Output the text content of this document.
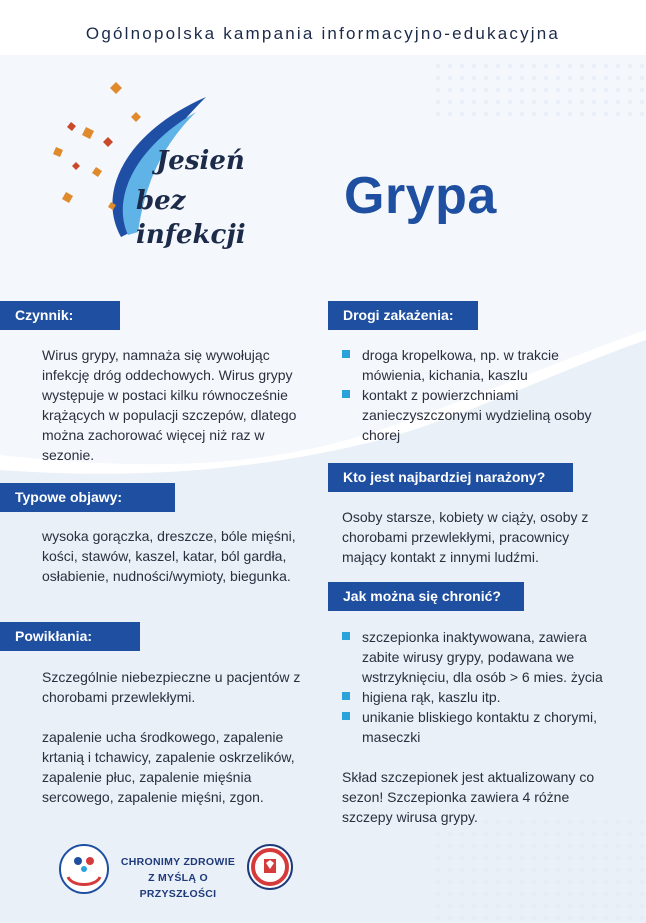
Ogólnopolska kampania informacyjno-edukacyjna
Jesień
bez infekcji
Grypa
Czynnik:
Wirus grypy, namnaża się wywołując infekcję dróg oddechowych. Wirus grypy występuje w postaci kilku równocześnie krążących w populacji szczepów, dlatego można zachorować więcej niż raz w sezonie.
Typowe objawy:
wysoka gorączka, dreszcze, bóle mięśni, kości, stawów, kaszel, katar, ból gardła, osłabienie, nudności/wymioty, biegunka.
Powikłania:
Szczególnie niebezpieczne u pacjentów z chorobami przewlekłymi.
zapalenie ucha środkowego, zapalenie krtanią i tchawicy, zapalenie oskrzelików, zapalenie płuc, zapalenie mięśnia sercowego, zapalenie mięśni, zgon.
Drogi zakażenia:
droga kropelkowa, np. w trakcie mówienia, kichania, kaszlu
kontakt z powierzchniami zanieczyszczonymi wydzieliną osoby chorej
Kto jest najbardziej narażony?
Osoby starsze, kobiety w ciąży, osoby z chorobami przewlekłymi, pracownicy mający kontakt z innymi ludźmi.
Jak można się chronić?
szczepionka inaktywowana, zawiera zabite wirusy grypy, podawana we wstrzyknięciu, dla osób > 6 mies. życia
higiena rąk, kaszlu itp.
unikanie bliskiego kontaktu z chorymi, maseczki
Skład szczepionek jest aktualizowany co sezon! Szczepionka zawiera 4 różne szczepy wirusa grypy.
CHRONIMY ZDROWIE
Z MYŚLĄ O PRZYSZŁOŚCI
